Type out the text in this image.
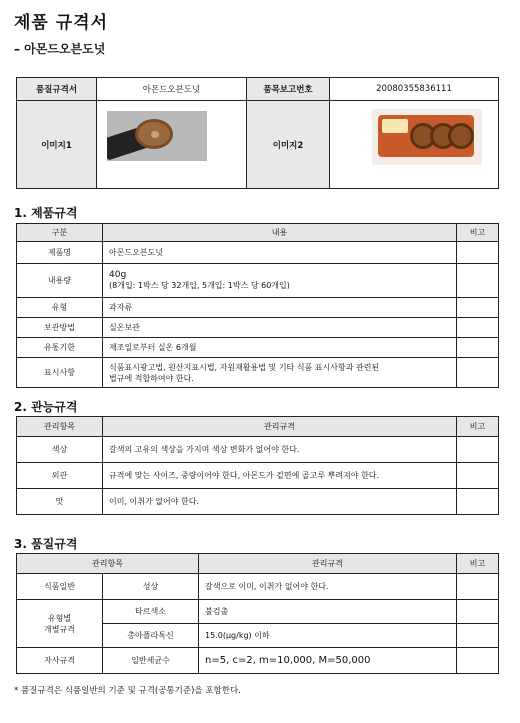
제품 규격서
– 아몬드오븐도넛
품질규격서	아몬드오븐도넛	품목보고번호	20080355836111
이미지1		이미지2	
1. 제품규격
구분	내용	비고
제품명	아몬드오븐도넛	
내용량	40g
(8개입: 1박스 당 32개입, 5개입: 1박스 당 60개입)	

유형	과자류	
보관방법	실온보관	
유통기한	제조일로부터 실온 6개월	
표시사항	식품표시광고법, 원산지표시법, 자원재활용법 및 기타 식품 표시사항과 관련된
법규에 적합하여야 한다.	

2. 관능규격
관리항목	관리규격	비고
색상	갈색의 고유의 색상을 가지며 색상 변화가 없어야 한다.	
외관	규격에 맞는 사이즈, 중량이어야 한다, 아몬드가 겉면에 골고루 뿌려져야 한다.	
맛	이미, 이취가 없어야 한다.	
3. 품질규격
관리항목		관리규격	비고
식품일반	성상	갈색으로 이미, 이취가 없어야 한다.	

유형별
개별규격	타르색소	불검출	
	총아플라톡신	15.0(μg/kg) 이하	
자사규격	일반세균수	n=5, c=2, m=10,000, M=50,000	
* 품질규격은 식품일반의 기준 및 규격(공통기준)을 포함한다.
